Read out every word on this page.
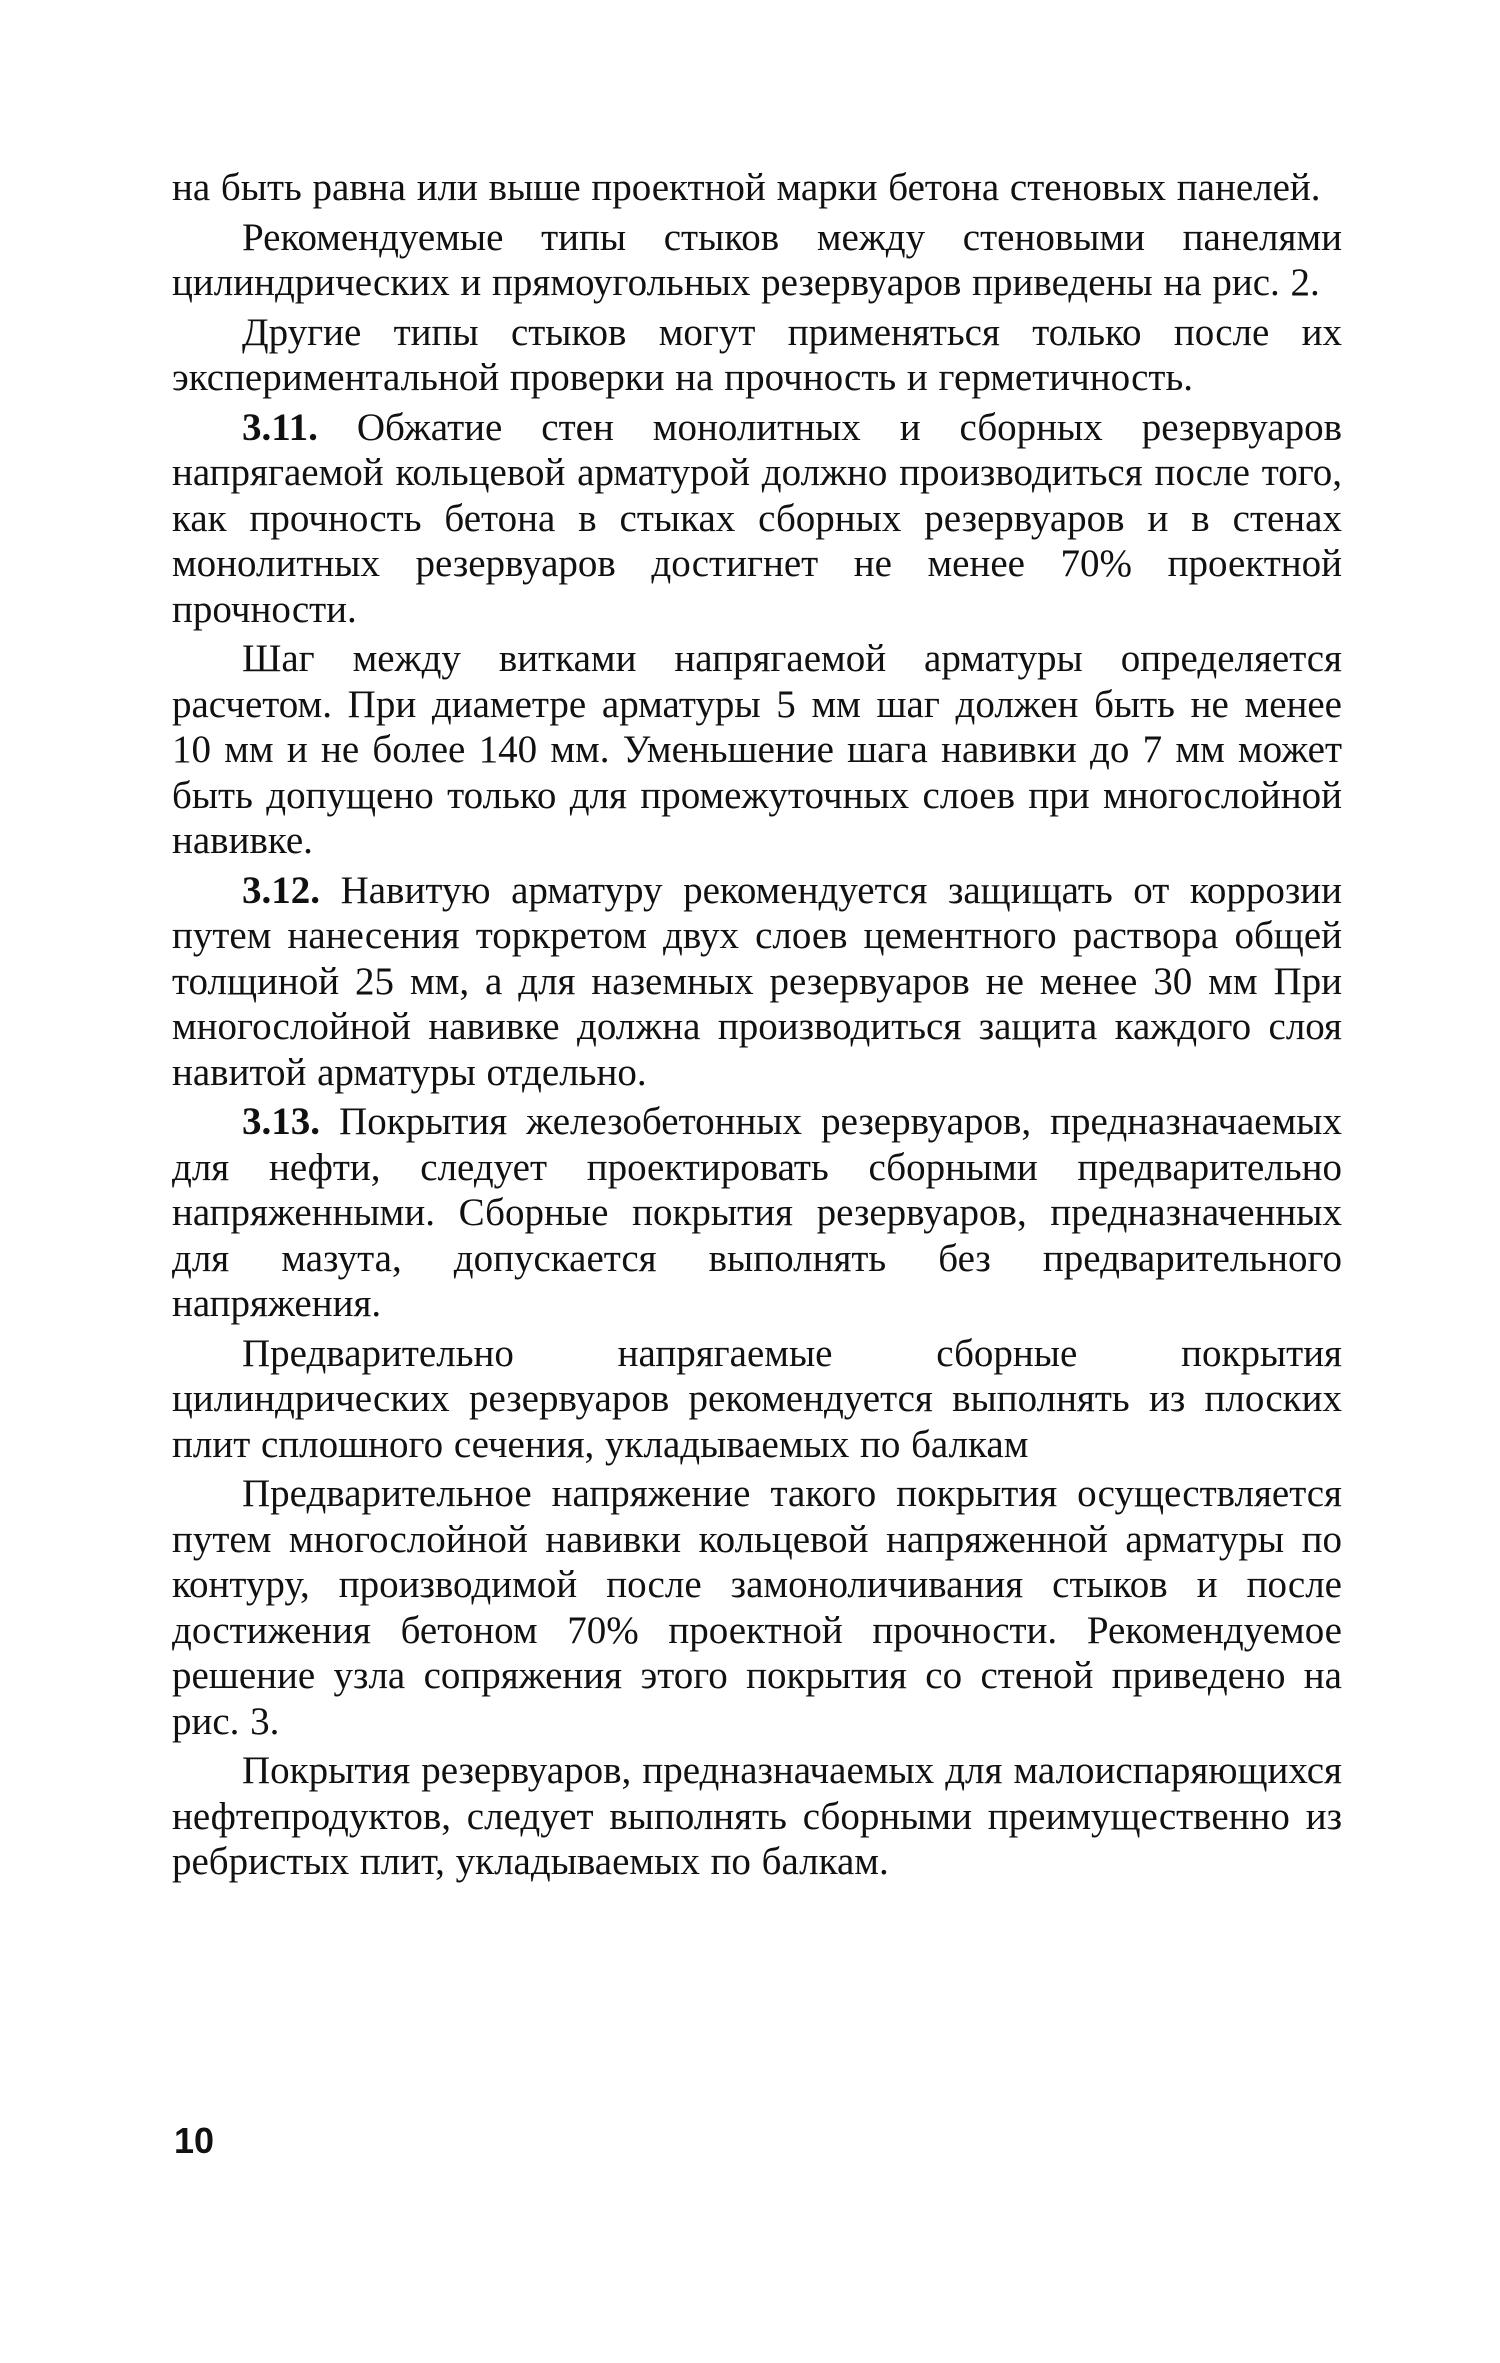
на быть равна или выше проектной марки бетона стеновых панелей.

Рекомендуемые типы стыков между стеновыми панелями цилиндрических и прямоугольных резервуаров приведены на рис. 2.

Другие типы стыков могут применяться только после их экспериментальной проверки на прочность и герметичность.

3.11. Обжатие стен монолитных и сборных резервуаров напрягаемой кольцевой арматурой должно производиться после того, как прочность бетона в стыках сборных резервуаров и в стенах монолитных резервуаров достигнет не менее 70% проектной прочности.

Шаг между витками напрягаемой арматуры определяется расчетом. При диаметре арматуры 5 мм шаг должен быть не менее 10 мм и не более 140 мм. Уменьшение шага навивки до 7 мм может быть допущено только для промежуточных слоев при многослойной навивке.

3.12. Навитую арматуру рекомендуется защищать от коррозии путем нанесения торкретом двух слоев цементного раствора общей толщиной 25 мм, а для наземных резервуаров не менее 30 мм При многослойной навивке должна производиться защита каждого слоя навитой арматуры отдельно.

3.13. Покрытия железобетонных резервуаров, предназначаемых для нефти, следует проектировать сборными предварительно напряженными. Сборные покрытия резервуаров, предназначенных для мазута, допускается выполнять без предварительного напряжения.

Предварительно напрягаемые сборные покрытия цилиндрических резервуаров рекомендуется выполнять из плоских плит сплошного сечения, укладываемых по балкам

Предварительное напряжение такого покрытия осуществляется путем многослойной навивки кольцевой напряженной арматуры по контуру, производимой после замоноличивания стыков и после достижения бетоном 70% проектной прочности. Рекомендуемое решение узла сопряжения этого покрытия со стеной приведено на рис. 3.

Покрытия резервуаров, предназначаемых для малоиспаряющихся нефтепродуктов, следует выполнять сборными преимущественно из ребристых плит, укладываемых по балкам.

10
